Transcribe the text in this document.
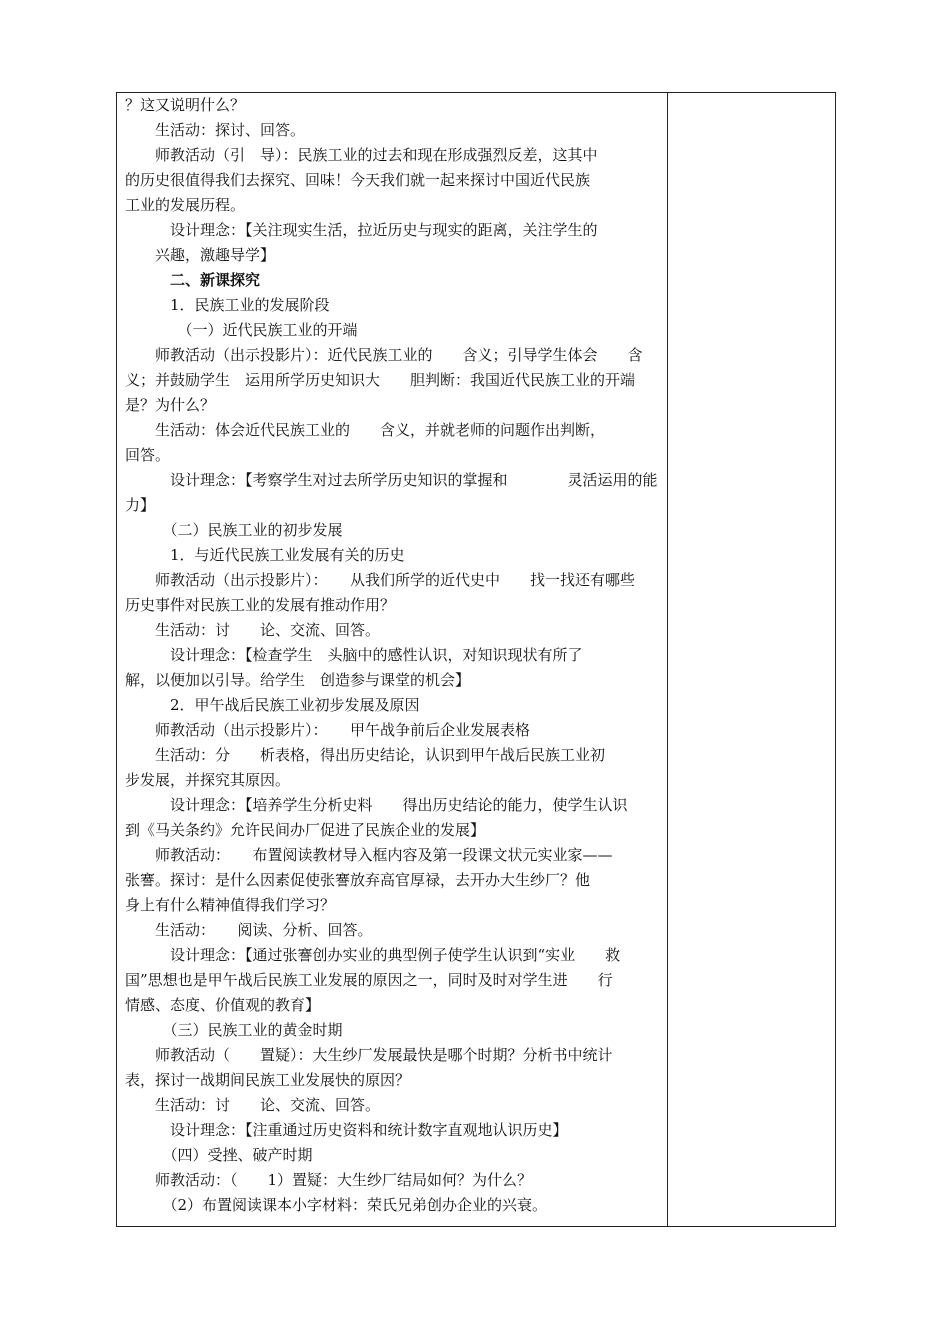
？这又说明什么？
　　生活动：探讨、回答。
　　师教活动（引　导）：民族工业的过去和现在形成强烈反差，这其中
的历史很值得我们去探究、回味！今天我们就一起来探讨中国近代民族
工业的发展历程。
　　　设计理念：【关注现实生活，拉近历史与现实的距离，关注学生的
　　兴趣，激趣导学】
　　　二、新课探究
　　　1．民族工业的发展阶段
　　　　（一）近代民族工业的开端
　　师教活动（出示投影片）：近代民族工业的　　含义；引导学生体会　　含
义；并鼓励学生　运用所学历史知识大　　胆判断：我国近代民族工业的开端
是？为什么？
　　生活动：体会近代民族工业的　　含义，并就老师的问题作出判断，
回答。
　　　设计理念：【考察学生对过去所学历史知识的掌握和　　　　灵活运用的能
力】
　　　（二）民族工业的初步发展
　　　1．与近代民族工业发展有关的历史
　　师教活动（出示投影片）：　　从我们所学的近代史中　　找一找还有哪些
历史事件对民族工业的发展有推动作用？
　　生活动：讨　　论、交流、回答。
　　　设计理念：【检查学生　头脑中的感性认识，对知识现状有所了
解，以便加以引导。给学生　创造参与课堂的机会】
　　　2．甲午战后民族工业初步发展及原因
　　师教活动（出示投影片）：　　甲午战争前后企业发展表格
　　生活动：分　　析表格，得出历史结论，认识到甲午战后民族工业初
步发展，并探究其原因。
　　　设计理念：【培养学生分析史料　　得出历史结论的能力，使学生认识
到《马关条约》允许民间办厂促进了民族企业的发展】
　　师教活动：　　布置阅读教材导入框内容及第一段课文状元实业家——
张謇。探讨：是什么因素促使张謇放弃高官厚禄，去开办大生纱厂？他
身上有什么精神值得我们学习？
　　生活动：　　阅读、分析、回答。
　　　设计理念：【通过张謇创办实业的典型例子使学生认识到“实业　　救
国”思想也是甲午战后民族工业发展的原因之一，同时及时对学生进　　行
情感、态度、价值观的教育】
　　　（三）民族工业的黄金时期
　　师教活动（　　置疑）：大生纱厂发展最快是哪个时期？分析书中统计
表，探讨一战期间民族工业发展快的原因？
　　生活动：讨　　论、交流、回答。
　　　设计理念：【注重通过历史资料和统计数字直观地认识历史】
　　　（四）受挫、破产时期
　　师教活动：（　　1）置疑：大生纱厂结局如何？为什么？
　　　（2）布置阅读课本小字材料：荣氏兄弟创办企业的兴衰。
